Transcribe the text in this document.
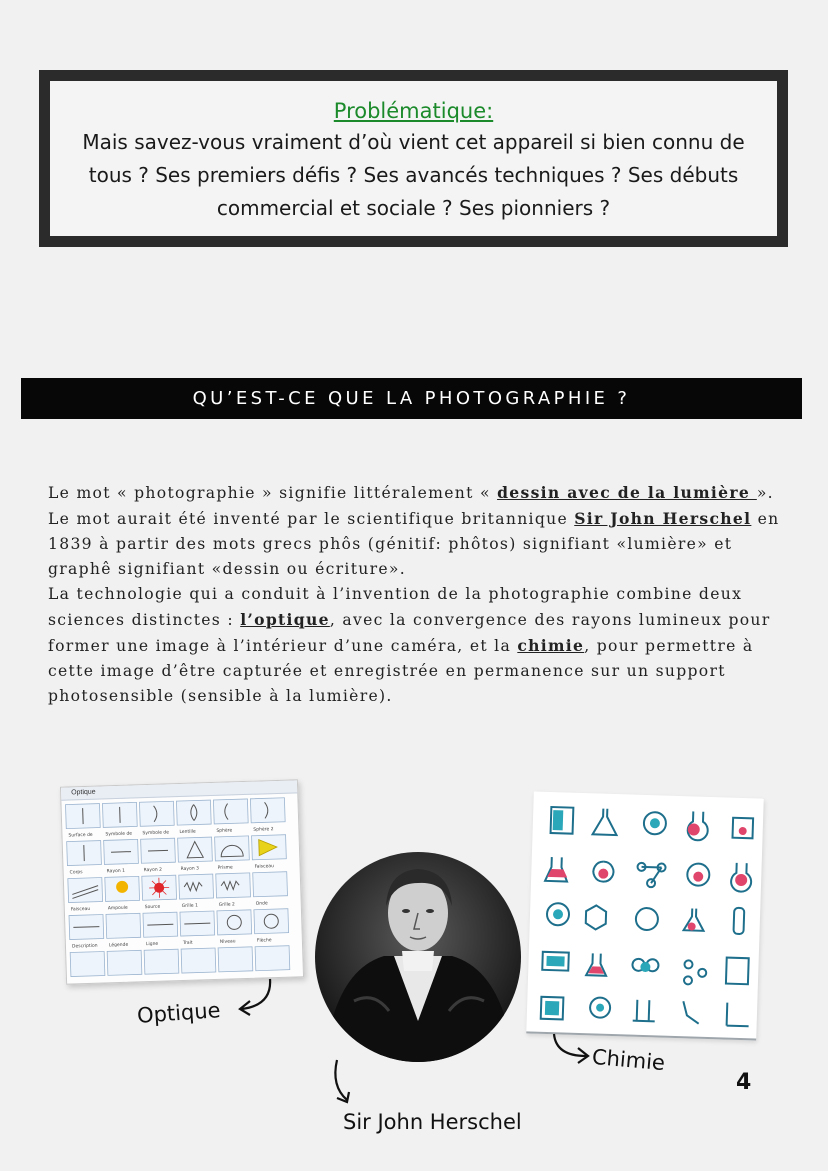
Problématique:
Mais savez-vous vraiment d’où vient cet appareil si bien connu de tous ? Ses premiers défis ? Ses avancés techniques ? Ses débuts commercial et sociale ? Ses pionniers ?
QU’EST-CE QUE LA PHOTOGRAPHIE ?

Le mot « photographie » signifie littéralement « dessin avec de la lumière ».

Le mot aurait été inventé par le scientifique britannique Sir John Herschel en 1839 à partir des mots grecs phôs (génitif: phôtos) signifiant «lumière» et graphê signifiant «dessin ou écriture».

La technologie qui a conduit à l’invention de la photographie combine deux sciences distinctes : l’optique, avec la convergence des rayons lumineux pour former une image à l’intérieur d’une caméra, et la chimie, pour permettre à cette image d’être capturée et enregistrée en permanence sur un support photosensible (sensible à la lumière).

Optique
Surface de	Symbole de Symbole de Lentille	Sphère	Sphère 2
Corps	Rayon 1	Rayon 2	Rayon 3	Prisme	Faisceau
Faisceau	Ampoule	Source	Grille 1	Grille 2	Onde
Description Légende	Ligne	Trait	Niveau	Flèche
Optique
Sir John Herschel
Chimie
4
